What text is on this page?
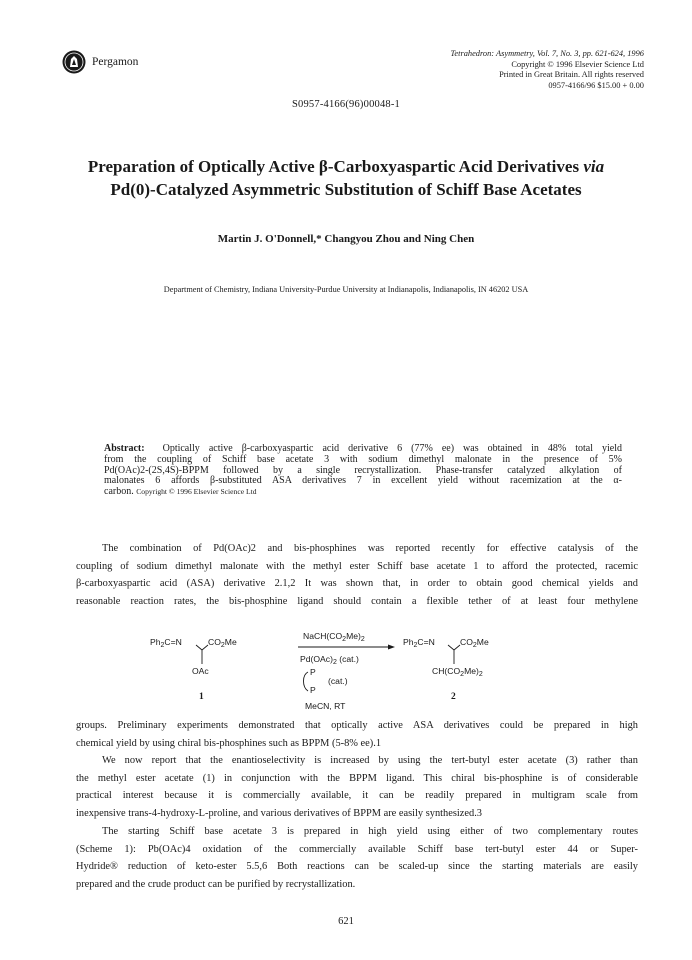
Pergamon
Tetrahedron: Asymmetry, Vol. 7, No. 3, pp. 621-624, 1996
Copyright © 1996 Elsevier Science Ltd
Printed in Great Britain. All rights reserved
0957-4166/96 $15.00 + 0.00
S0957-4166(96)00048-1
Preparation of Optically Active β-Carboxyaspartic Acid Derivatives via
Pd(0)-Catalyzed Asymmetric Substitution of Schiff Base Acetates
Martin J. O'Donnell,* Changyou Zhou and Ning Chen
Department of Chemistry, Indiana University-Purdue University at Indianapolis, Indianapolis, IN 46202 USA
Abstract: Optically active β-carboxyaspartic acid derivative 6 (77% ee) was obtained in 48% total yield
from the coupling of Schiff base acetate 3 with sodium dimethyl malonate in the presence of 5%
Pd(OAc)2-(2S,4S)-BPPM followed by a single recrystallization. Phase-transfer catalyzed alkylation of
malonates 6 affords β-substituted ASA derivatives 7 in excellent yield without racemization at the α-
carbon. Copyright © 1996 Elsevier Science Ltd
The combination of Pd(OAc)2 and bis-phosphines was reported recently for effective catalysis of the
coupling of sodium dimethyl malonate with the methyl ester Schiff base acetate 1 to afford the protected, racemic
β-carboxyaspartic acid (ASA) derivative 2.1,2 It was shown that, in order to obtain good chemical yields and
reasonable reaction rates, the bis-phosphine ligand should contain a flexible tether of at least four methylene
$Ph_2C=N$	$CO_2Me$
OAc
1
$NaCH(CO_2Me)_2$
$Pd(OAc)_2$ (cat.)
P
P
(cat.)
MeCN, RT
$Ph_2C=N$	$CO_2Me$
$CH(CO_2Me)_2$
2
groups. Preliminary experiments demonstrated that optically active ASA derivatives could be prepared in high
chemical yield by using chiral bis-phosphines such as BPPM (5-8% ee).1
We now report that the enantioselectivity is increased by using the tert-butyl ester acetate (3) rather than
the methyl ester acetate (1) in conjunction with the BPPM ligand. This chiral bis-phosphine is of considerable
practical interest because it is commercially available, it can be readily prepared in multigram scale from
inexpensive trans-4-hydroxy-L-proline, and various derivatives of BPPM are easily synthesized.3
The starting Schiff base acetate 3 is prepared in high yield using either of two complementary routes
(Scheme 1): Pb(OAc)4 oxidation of the commercially available Schiff base tert-butyl ester 44 or Super-
Hydride® reduction of keto-ester 5.5,6 Both reactions can be scaled-up since the starting materials are easily
prepared and the crude product can be purified by recrystallization.
621
